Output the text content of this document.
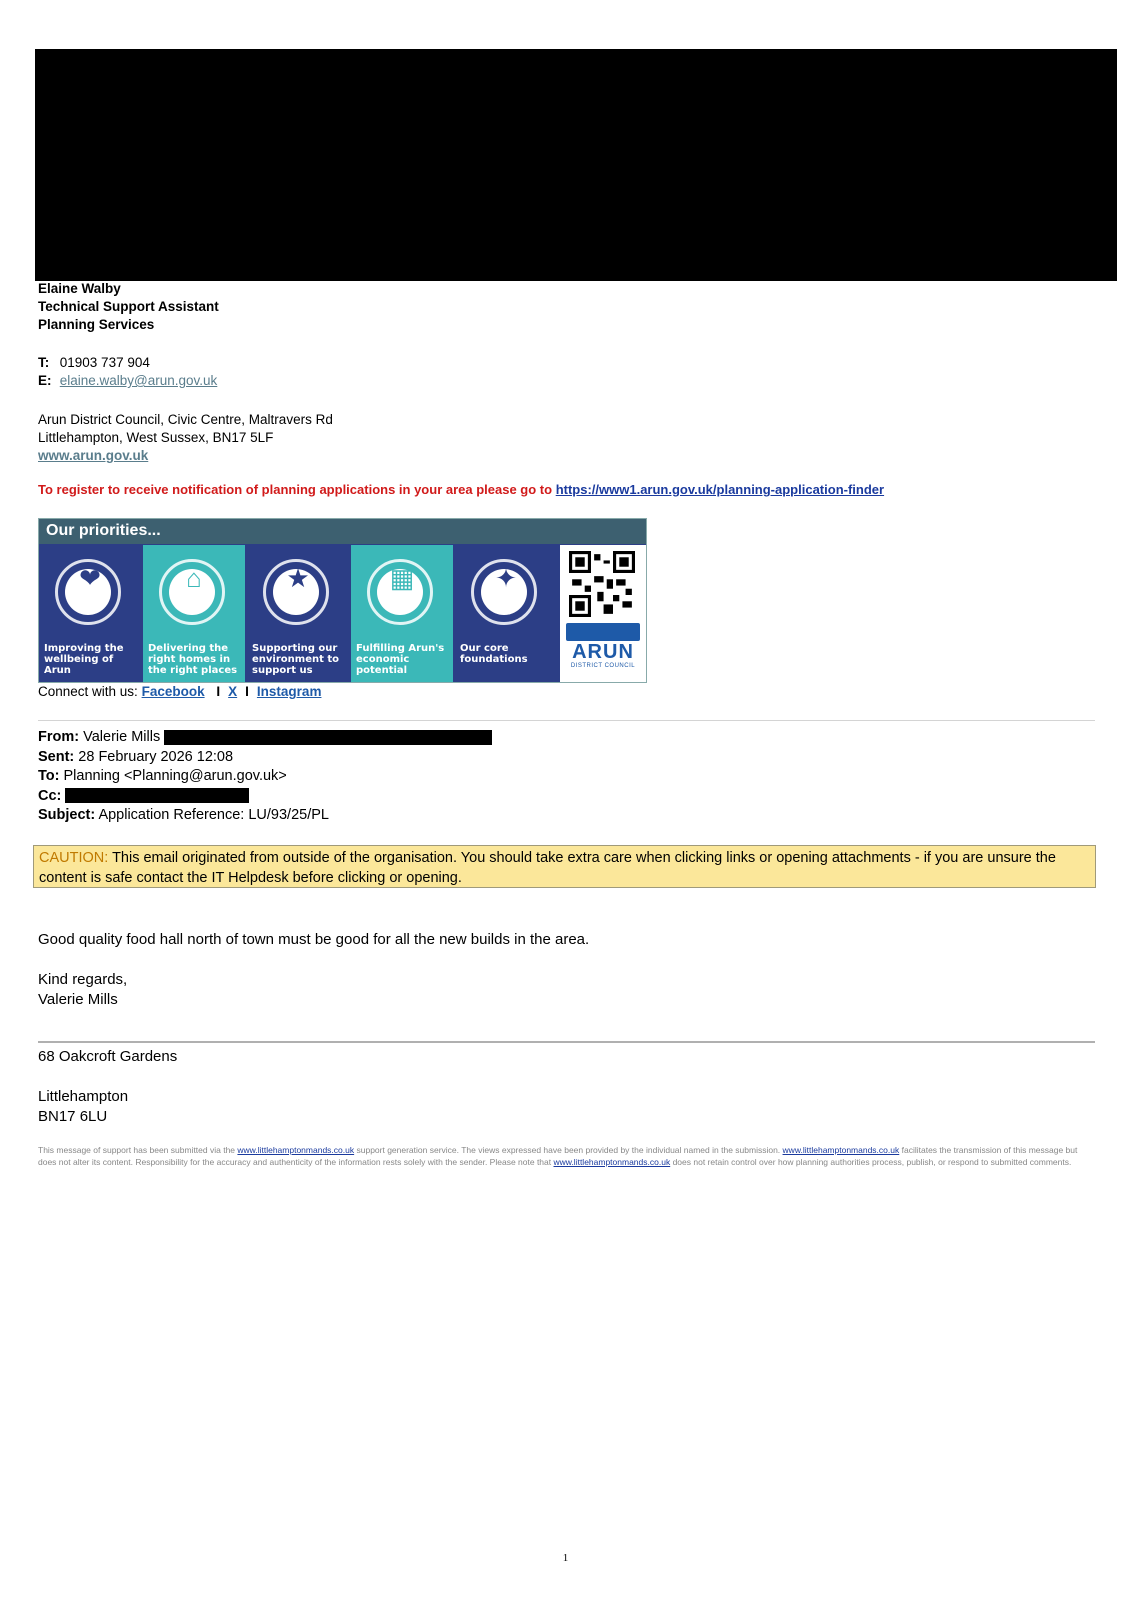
Elaine Walby
Technical Support Assistant
Planning Services
T: 01903 737 904
E: elaine.walby@arun.gov.uk
Arun District Council, Civic Centre, Maltravers Rd
Littlehampton, West Sussex, BN17 5LF
www.arun.gov.uk
To register to receive notification of planning applications in your area please go to https://www1.arun.gov.uk/planning-application-finder
Our priorities...
❤
Improving the wellbeing of Arun
⌂
Delivering the right homes in the right places
★
Supporting our environment to support us
▦
Fulfilling Arun's economic potential
✦
Our core foundations	ARUN
DISTRICT COUNCIL
Connect with us: Facebook I X I Instagram
From: Valerie Mills
Sent: 28 February 2026 12:08
To: Planning <Planning@arun.gov.uk>
Cc:
Subject: Application Reference: LU/93/25/PL
CAUTION: This email originated from outside of the organisation. You should take extra care when clicking links or opening attachments - if you are unsure the content is safe contact the IT Helpdesk before clicking or opening.
Good quality food hall north of town must be good for all the new builds in the area.
Kind regards,
Valerie Mills
68 Oakcroft Gardens

Littlehampton
BN17 6LU
This message of support has been submitted via the www.littlehamptonmands.co.uk support generation service. The views expressed have been provided by the individual named in the submission. www.littlehamptonmands.co.uk facilitates the transmission of this message but does not alter its content. Responsibility for the accuracy and authenticity of the information rests solely with the sender. Please note that www.littlehamptonmands.co.uk does not retain control over how planning authorities process, publish, or respond to submitted comments.
1
